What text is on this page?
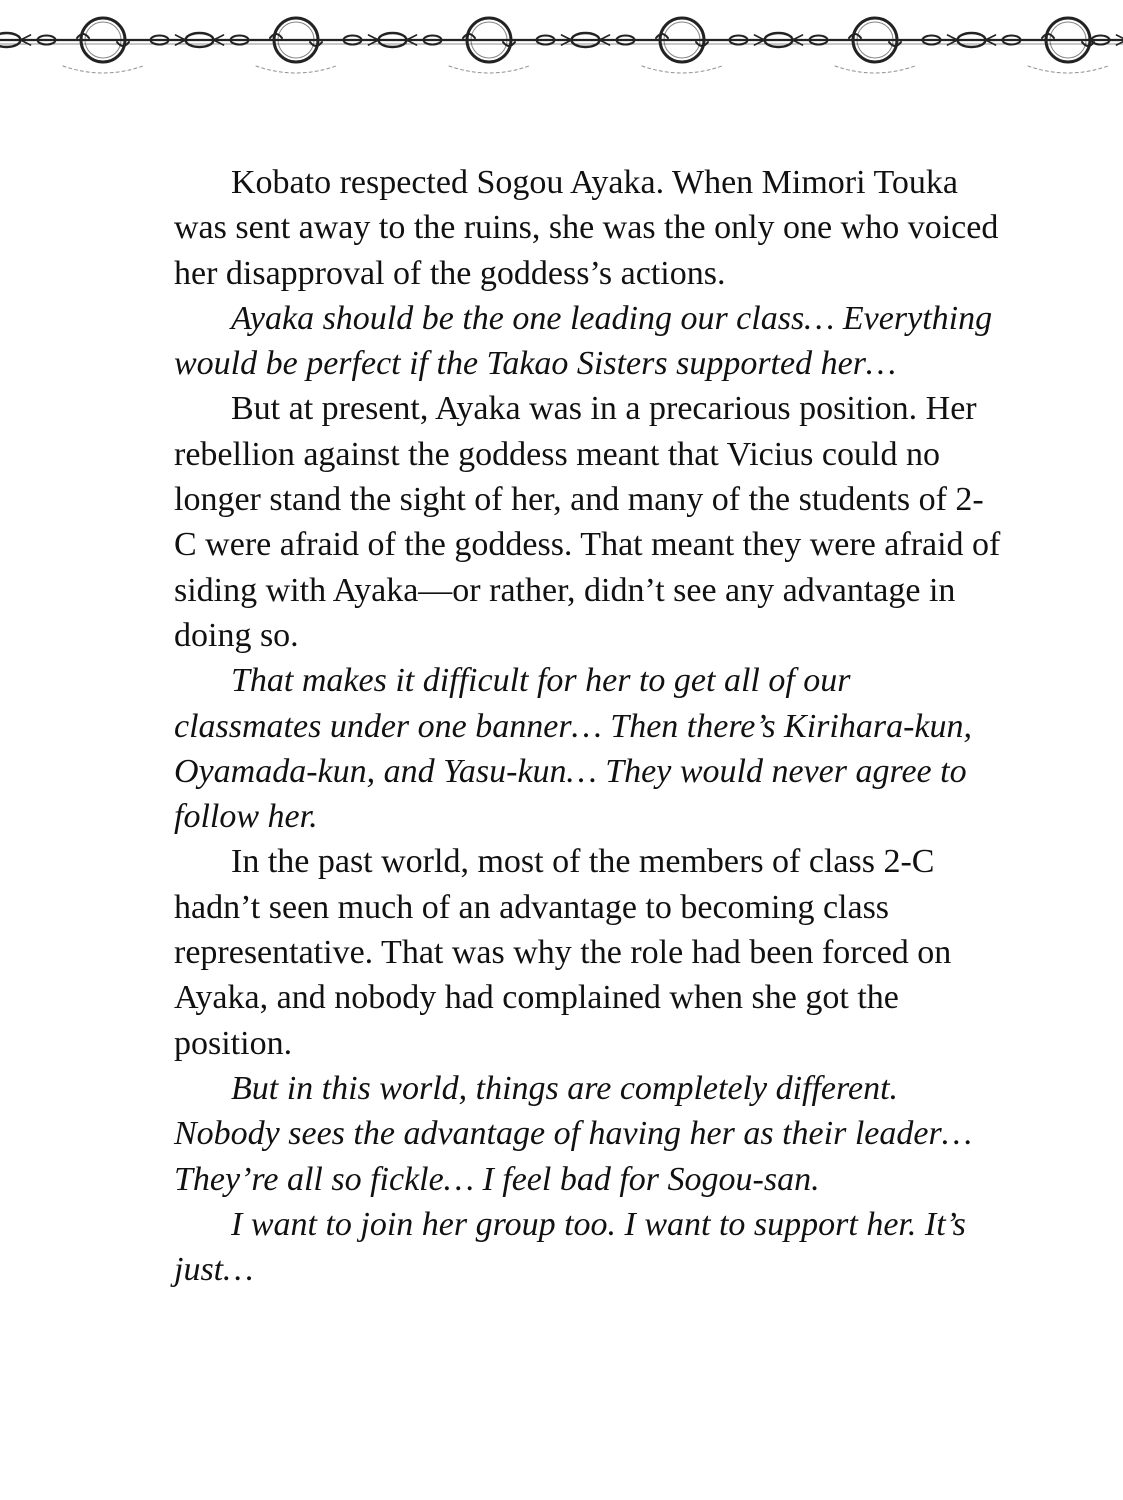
Kobato respected Sogou Ayaka. When Mimori Touka was sent away to the ruins, she was the only one who voiced her disapproval of the goddess’s actions.

Ayaka should be the one leading our class… Everything would be perfect if the Takao Sisters supported her…

But at present, Ayaka was in a precarious position. Her rebellion against the goddess meant that Vicius could no longer stand the sight of her, and many of the students of 2-C were afraid of the goddess. That meant they were afraid of siding with Ayaka—or rather, didn’t see any advantage in doing so.

That makes it difficult for her to get all of our classmates under one banner… Then there’s Kirihara-kun, Oyamada-kun, and Yasu-kun… They would never agree to follow her.

In the past world, most of the members of class 2-C hadn’t seen much of an advantage to becoming class representative. That was why the role had been forced on Ayaka, and nobody had complained when she got the position.

But in this world, things are completely different. Nobody sees the advantage of having her as their leader… They’re all so fickle… I feel bad for Sogou-san.

I want to join her group too. I want to support her. It’s just…
